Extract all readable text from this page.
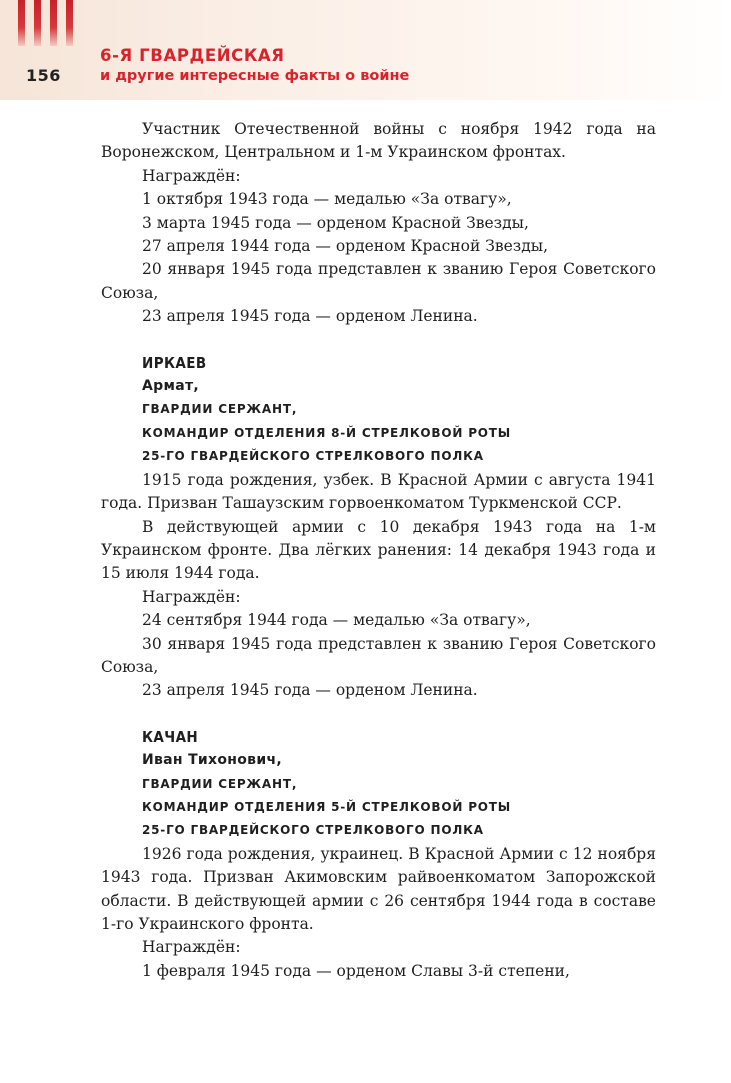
156
6-Я ГВАРДЕЙСКАЯ
и другие интересные факты о войне

Участник Отечественной войны с ноября 1942 года на Воронежском, Центральном и 1-м Украинском фронтах.

Награждён:

1 октября 1943 года — медалью «За отвагу»,

3 марта 1945 года — орденом Красной Звезды,

27 апреля 1944 года — орденом Красной Звезды,

20 января 1945 года представлен к званию Героя Советского Союза,

23 апреля 1945 года — орденом Ленина.

ИРКАЕВ

Армат,

ГВАРДИИ СЕРЖАНТ,

КОМАНДИР ОТДЕЛЕНИЯ 8-Й СТРЕЛКОВОЙ РОТЫ

25-ГО ГВАРДЕЙСКОГО СТРЕЛКОВОГО ПОЛКА

1915 года рождения, узбек. В Красной Армии с августа 1941 года. Призван Ташаузским горвоенкоматом Туркменской ССР.

В действующей армии с 10 декабря 1943 года на 1-м Украинском фронте. Два лёгких ранения: 14 декабря 1943 года и 15 июля 1944 года.

Награждён:

24 сентября 1944 года — медалью «За отвагу»,

30 января 1945 года представлен к званию Героя Советского Союза,

23 апреля 1945 года — орденом Ленина.

КАЧАН

Иван Тихонович,

ГВАРДИИ СЕРЖАНТ,

КОМАНДИР ОТДЕЛЕНИЯ 5-Й СТРЕЛКОВОЙ РОТЫ

25-ГО ГВАРДЕЙСКОГО СТРЕЛКОВОГО ПОЛКА

1926 года рождения, украинец. В Красной Армии с 12 ноября 1943 года. Призван Акимовским райвоенкоматом Запорожской области. В действующей армии с 26 сентября 1944 года в составе 1-го Украинского фронта.

Награждён:

1 февраля 1945 года — орденом Славы 3-й степени,
